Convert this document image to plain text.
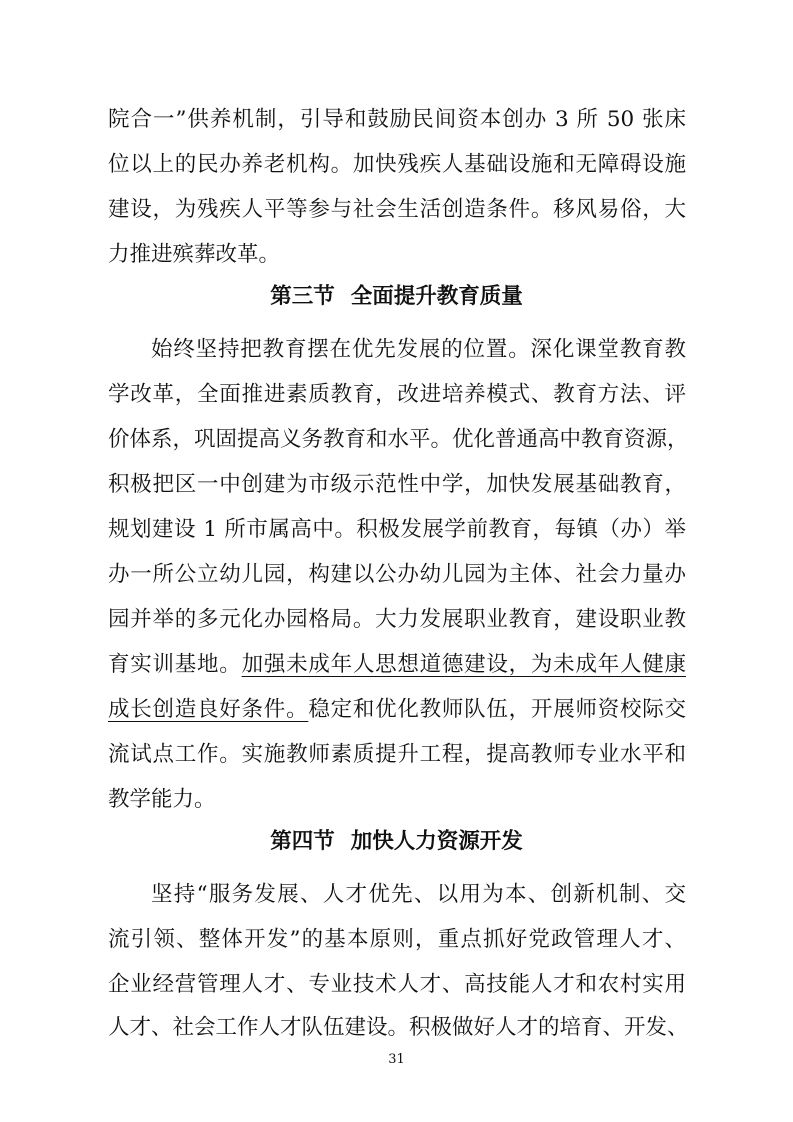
院合一”供养机制，引导和鼓励民间资本创办 3 所 50 张床
位以上的民办养老机构。加快残疾人基础设施和无障碍设施
建设，为残疾人平等参与社会生活创造条件。移风易俗，大
力推进殡葬改革。
第三节 全面提升教育质量
始终坚持把教育摆在优先发展的位置。深化课堂教育教
学改革，全面推进素质教育，改进培养模式、教育方法、评
价体系，巩固提高义务教育和水平。优化普通高中教育资源，
积极把区一中创建为市级示范性中学，加快发展基础教育，
规划建设 1 所市属高中。积极发展学前教育，每镇（办）举
办一所公立幼儿园，构建以公办幼儿园为主体、社会力量办
园并举的多元化办园格局。大力发展职业教育，建设职业教
育实训基地。加强未成年人思想道德建设，为未成年人健康
成长创造良好条件。稳定和优化教师队伍，开展师资校际交
流试点工作。实施教师素质提升工程，提高教师专业水平和
教学能力。
第四节 加快人力资源开发
坚持“服务发展、人才优先、以用为本、创新机制、交
流引领、整体开发”的基本原则，重点抓好党政管理人才、
企业经营管理人才、专业技术人才、高技能人才和农村实用
人才、社会工作人才队伍建设。积极做好人才的培育、开发、
31
